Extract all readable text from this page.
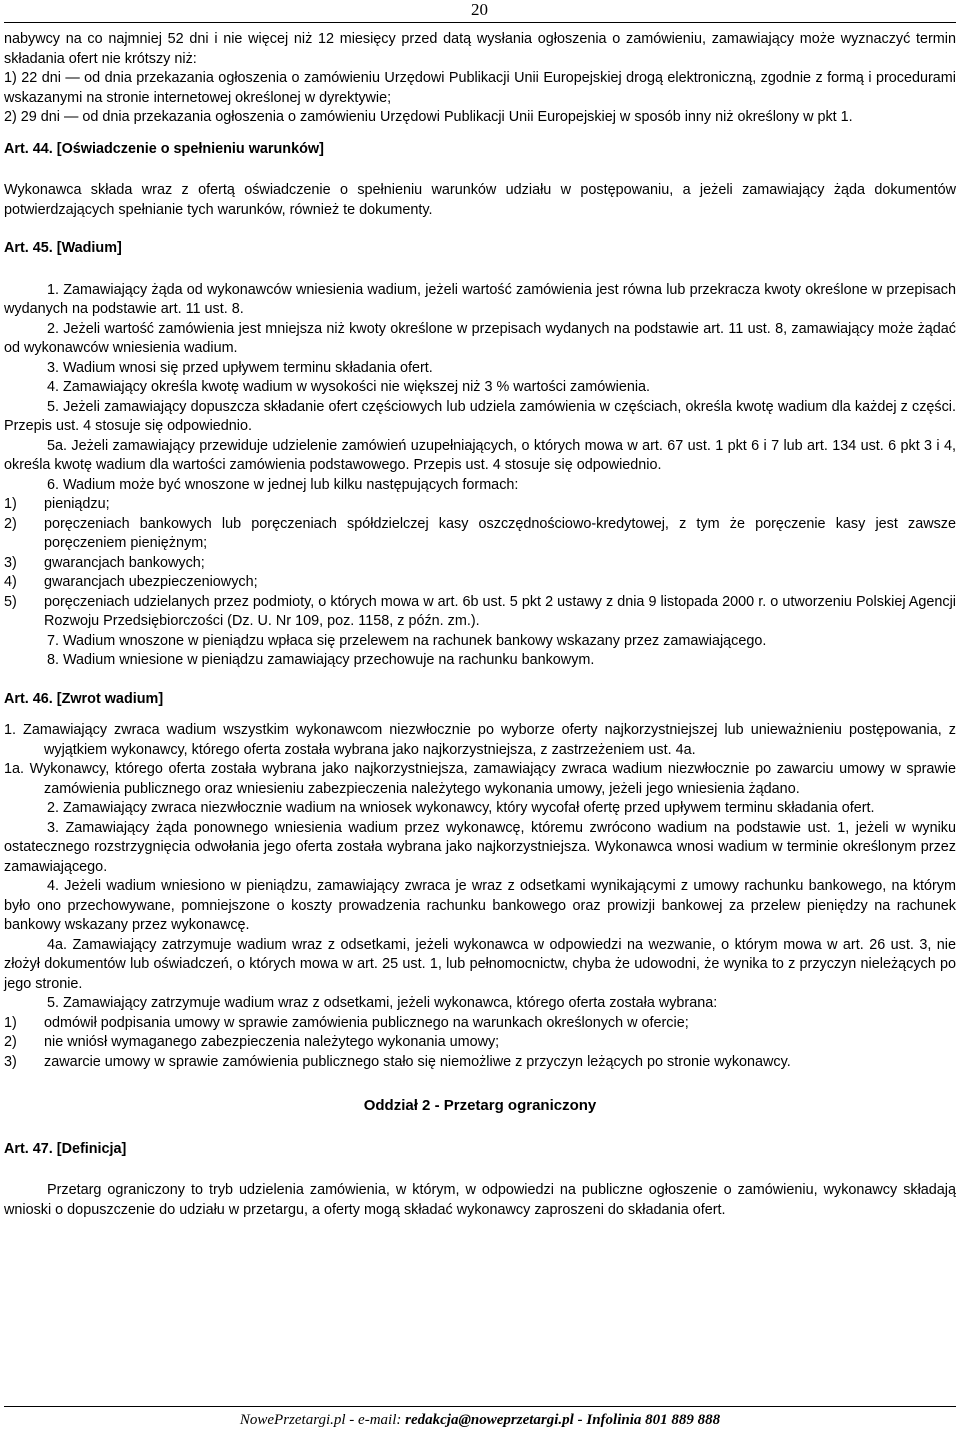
20

nabywcy na co najmniej 52 dni i nie więcej niż 12 miesięcy przed datą wysłania ogłoszenia o zamówieniu, zamawiający może wyznaczyć termin składania ofert nie krótszy niż:

1) 22 dni — od dnia przekazania ogłoszenia o zamówieniu Urzędowi Publikacji Unii Europejskiej drogą elektroniczną, zgodnie z formą i procedurami wskazanymi na stronie internetowej określonej w dyrektywie;

2) 29 dni — od dnia przekazania ogłoszenia o zamówieniu Urzędowi Publikacji Unii Europejskiej w sposób inny niż określony w pkt 1.

Art. 44. [Oświadczenie o spełnieniu warunków]

Wykonawca składa wraz z ofertą oświadczenie o spełnieniu warunków udziału w postępowaniu, a jeżeli zamawiający żąda dokumentów potwierdzających spełnianie tych warunków, również te dokumenty.

Art. 45. [Wadium]

1. Zamawiający żąda od wykonawców wniesienia wadium, jeżeli wartość zamówienia jest równa lub przekracza kwoty określone w przepisach wydanych na podstawie art. 11 ust. 8.

2. Jeżeli wartość zamówienia jest mniejsza niż kwoty określone w przepisach wydanych na podstawie art. 11 ust. 8, zamawiający może żądać od wykonawców wniesienia wadium.

3. Wadium wnosi się przed upływem terminu składania ofert.

4. Zamawiający określa kwotę wadium w wysokości nie większej niż 3 % wartości zamówienia.

5. Jeżeli zamawiający dopuszcza składanie ofert częściowych lub udziela zamówienia w częściach, określa kwotę wadium dla każdej z części. Przepis ust. 4 stosuje się odpowiednio.

5a. Jeżeli zamawiający przewiduje udzielenie zamówień uzupełniających, o których mowa w art. 67 ust. 1 pkt 6 i 7 lub art. 134 ust. 6 pkt 3 i 4, określa kwotę wadium dla wartości zamówienia podstawowego. Przepis ust. 4 stosuje się odpowiednio.

6. Wadium może być wnoszone w jednej lub kilku następujących formach:

1) pieniądzu;
2) poręczeniach bankowych lub poręczeniach spółdzielczej kasy oszczędnościowo-kredytowej, z tym że poręczenie kasy jest zawsze poręczeniem pieniężnym;
3) gwarancjach bankowych;
4) gwarancjach ubezpieczeniowych;
5) poręczeniach udzielanych przez podmioty, o których mowa w art. 6b ust. 5 pkt 2 ustawy z dnia 9 listopada 2000 r. o utworzeniu Polskiej Agencji Rozwoju Przedsiębiorczości (Dz. U. Nr 109, poz. 1158, z późn. zm.).

7. Wadium wnoszone w pieniądzu wpłaca się przelewem na rachunek bankowy wskazany przez zamawiającego.

8. Wadium wniesione w pieniądzu zamawiający przechowuje na rachunku bankowym.

Art. 46. [Zwrot wadium]

1. Zamawiający zwraca wadium wszystkim wykonawcom niezwłocznie po wyborze oferty najkorzystniejszej lub unieważnieniu postępowania, z wyjątkiem wykonawcy, którego oferta została wybrana jako najkorzystniejsza, z zastrzeżeniem ust. 4a.

1a. Wykonawcy, którego oferta została wybrana jako najkorzystniejsza, zamawiający zwraca wadium niezwłocznie po zawarciu umowy w sprawie zamówienia publicznego oraz wniesieniu zabezpieczenia należytego wykonania umowy, jeżeli jego wniesienia żądano.

2. Zamawiający zwraca niezwłocznie wadium na wniosek wykonawcy, który wycofał ofertę przed upływem terminu składania ofert.

3. Zamawiający żąda ponownego wniesienia wadium przez wykonawcę, któremu zwrócono wadium na podstawie ust. 1, jeżeli w wyniku ostatecznego rozstrzygnięcia odwołania jego oferta została wybrana jako najkorzystniejsza. Wykonawca wnosi wadium w terminie określonym przez zamawiającego.

4. Jeżeli wadium wniesiono w pieniądzu, zamawiający zwraca je wraz z odsetkami wynikającymi z umowy rachunku bankowego, na którym było ono przechowywane, pomniejszone o koszty prowadzenia rachunku bankowego oraz prowizji bankowej za przelew pieniędzy na rachunek bankowy wskazany przez wykonawcę.

4a. Zamawiający zatrzymuje wadium wraz z odsetkami, jeżeli wykonawca w odpowiedzi na wezwanie, o którym mowa w art. 26 ust. 3, nie złożył dokumentów lub oświadczeń, o których mowa w art. 25 ust. 1, lub pełnomocnictw, chyba że udowodni, że wynika to z przyczyn nieleżących po jego stronie.

5. Zamawiający zatrzymuje wadium wraz z odsetkami, jeżeli wykonawca, którego oferta została wybrana:

1) odmówił podpisania umowy w sprawie zamówienia publicznego na warunkach określonych w ofercie;
2) nie wniósł wymaganego zabezpieczenia należytego wykonania umowy;
3) zawarcie umowy w sprawie zamówienia publicznego stało się niemożliwe z przyczyn leżących po stronie wykonawcy.

Oddział 2 - Przetarg ograniczony

Art. 47. [Definicja]

Przetarg ograniczony to tryb udzielenia zamówienia, w którym, w odpowiedzi na publiczne ogłoszenie o zamówieniu, wykonawcy składają wnioski o dopuszczenie do udziału w przetargu, a oferty mogą składać wykonawcy zaproszeni do składania ofert.

NowePrzetargi.pl - e-mail: redakcja@noweprzetargi.pl - Infolinia 801 889 888
